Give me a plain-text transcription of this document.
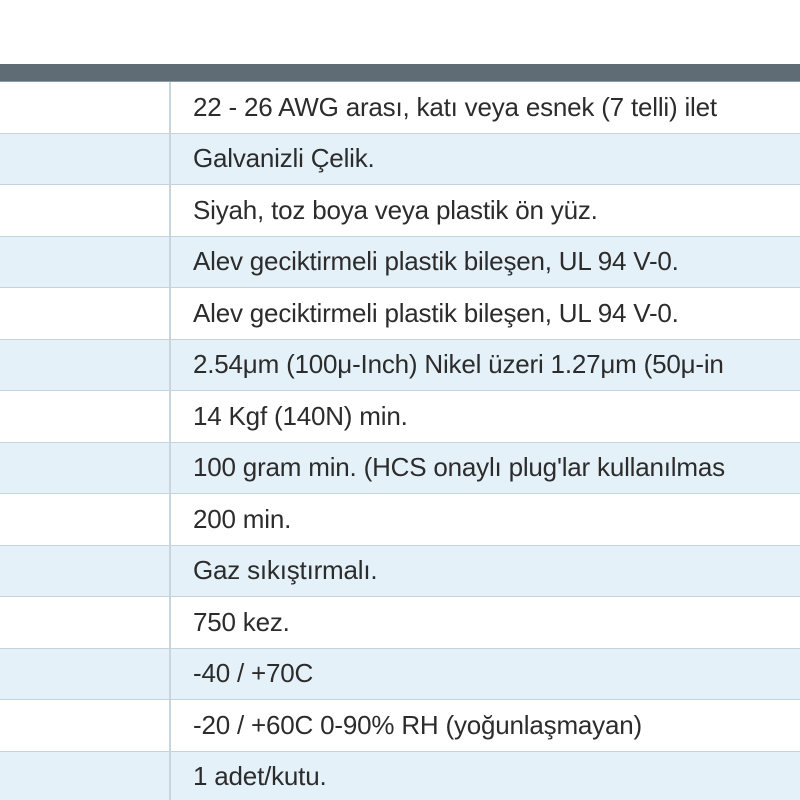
22 - 26 AWG arası, katı veya esnek (7 telli) ilet
Galvanizli Çelik.
Siyah, toz boya veya plastik ön yüz.
Alev geciktirmeli plastik bileşen, UL 94 V-0.
Alev geciktirmeli plastik bileşen, UL 94 V-0.
2.54μm (100μ-Inch) Nikel üzeri 1.27μm (50μ-in
14 Kgf (140N) min.
100 gram min. (HCS onaylı plug'lar kullanılmas
200 min.
Gaz sıkıştırmalı.
750 kez.
-40 / +70C
-20 / +60C 0-90% RH (yoğunlaşmayan)
1 adet/kutu.
